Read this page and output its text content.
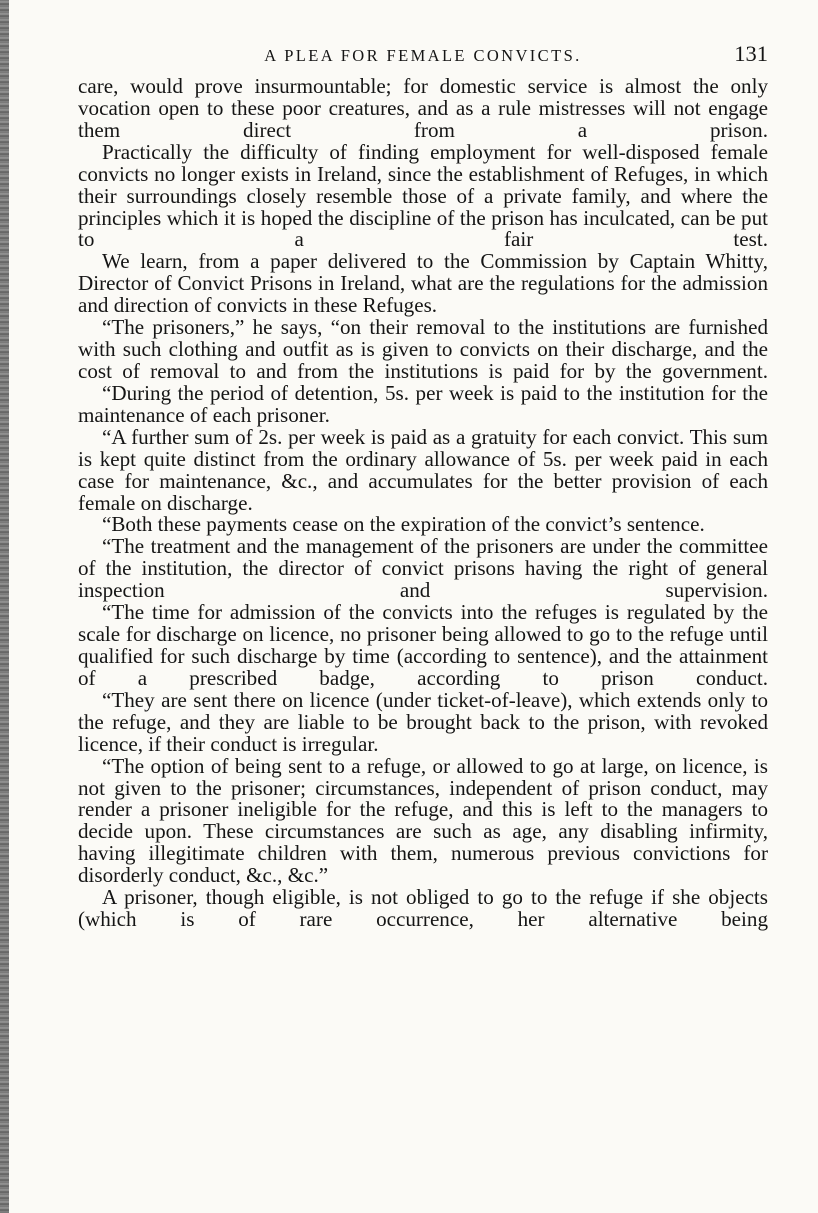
A PLEA FOR FEMALE CONVICTS.	131

care, would prove insurmountable; for domestic service is almost the only vocation open to these poor creatures, and as a rule mistresses will not engage them direct from a prison.

Practically the difficulty of finding employment for well-disposed female convicts no longer exists in Ireland, since the establishment of Refuges, in which their surroundings closely resemble those of a private family, and where the principles which it is hoped the discipline of the prison has inculcated, can be put to a fair test.

We learn, from a paper delivered to the Commission by Captain Whitty, Director of Convict Prisons in Ireland, what are the regulations for the admission and direction of convicts in these Refuges.

“The prisoners,” he says, “on their removal to the institutions are furnished with such clothing and outfit as is given to convicts on their discharge, and the cost of removal to and from the institutions is paid for by the government.

“During the period of detention, 5s. per week is paid to the institution for the maintenance of each prisoner.

“A further sum of 2s. per week is paid as a gratuity for each convict. This sum is kept quite distinct from the ordinary allowance of 5s. per week paid in each case for maintenance, &c., and accumulates for the better provision of each female on discharge.

“Both these payments cease on the expiration of the convict’s sentence.

“The treatment and the management of the prisoners are under the committee of the institution, the director of convict prisons having the right of general inspection and supervision.

“The time for admission of the convicts into the refuges is regulated by the scale for discharge on licence, no prisoner being allowed to go to the refuge until qualified for such discharge by time (according to sentence), and the attainment of a prescribed badge, according to prison conduct.

“They are sent there on licence (under ticket-of-leave), which extends only to the refuge, and they are liable to be brought back to the prison, with revoked licence, if their conduct is irregular.

“The option of being sent to a refuge, or allowed to go at large, on licence, is not given to the prisoner; circumstances, independent of prison conduct, may render a prisoner ineligible for the refuge, and this is left to the managers to decide upon. These circumstances are such as age, any disabling infirmity, having illegitimate children with them, numerous previous convictions for disorderly conduct, &c., &c.”

A prisoner, though eligible, is not obliged to go to the refuge if she objects (which is of rare occurrence, her alternative being
